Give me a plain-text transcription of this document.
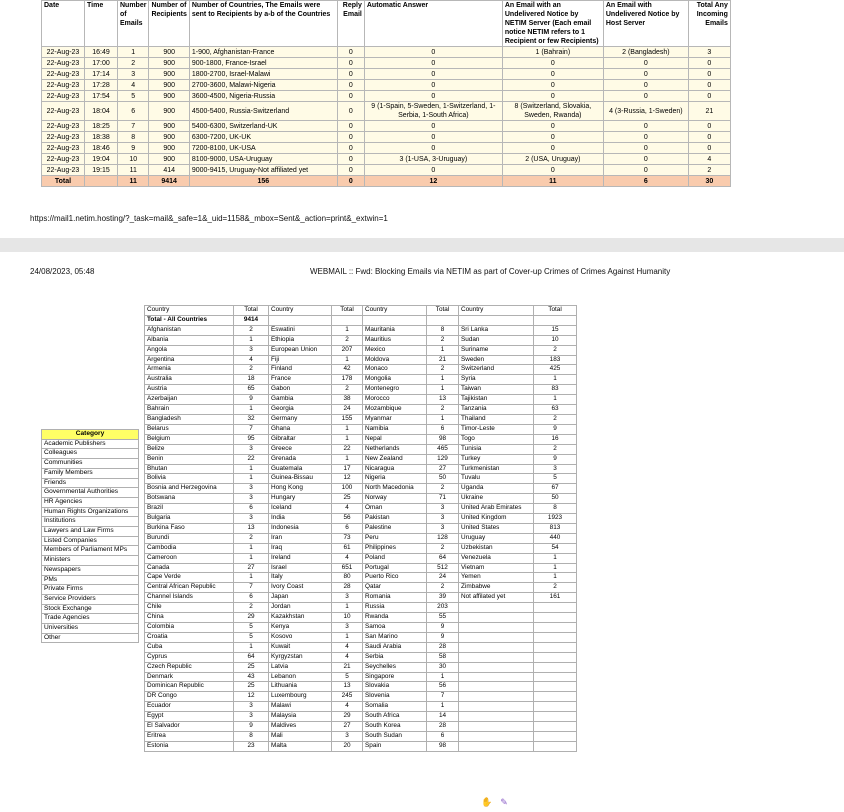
Date	Time	Number of Emails	Number of Recipients	Number of Countries, The Emails were sent to Recipients by a-b of the Countries	Reply Email	Automatic Answer	An Email with an Undelivered Notice by NETIM Server (Each email notice NETIM refers to 1 Recipient or few Recipients)	An Email with Undelivered Notice by Host Server	Total Any Incoming Emails
22-Aug-23	16:49	1	900	1-900, Afghanistan-France	0	0	1 (Bahrain)	2 (Bangladesh)	3
22-Aug-23	17:00	2	900	900-1800, France-Israel	0	0	0	0	0
22-Aug-23	17:14	3	900	1800-2700, Israel-Malawi	0	0	0	0	0
22-Aug-23	17:28	4	900	2700-3600, Malawi-Nigeria	0	0	0	0	0
22-Aug-23	17:54	5	900	3600-4500, Nigeria-Russia	0	0	0	0	0
22-Aug-23	18:04	6	900	4500-5400, Russia-Switzerland	0	9 (1-Spain, 5-Sweden, 1-Switzerland, 1-Serbia, 1-South Africa)	8 (Switzerland, Slovakia, Sweden, Rwanda)	4 (3-Russia, 1-Sweden)	21
22-Aug-23	18:25	7	900	5400-6300, Switzerland-UK	0	0	0	0	0
22-Aug-23	18:38	8	900	6300-7200, UK-UK	0	0	0	0	0
22-Aug-23	18:46	9	900	7200-8100, UK-USA	0	0	0	0	0
22-Aug-23	19:04	10	900	8100-9000, USA-Uruguay	0	3 (1-USA, 3-Uruguay)	2 (USA, Uruguay)	0	4
22-Aug-23	19:15	11	414	9000-9415, Uruguay-Not affiliated yet	0	0	0	0	2
Total		11	9414	156	0	12	11	6	30
https://mail1.netim.hosting/?_task=mail&_safe=1&_uid=1158&_mbox=Sent&_action=print&_extwin=1
24/08/2023, 05:48	WEBMAIL :: Fwd: Blocking Emails via NETIM as part of Cover-up Crimes of Crimes Against Humanity
Country	Total	Country	Total	Country	Total	Country	Total
Total - All Countries	9414						
Afghanistan	2	Eswatini	1	Mauritania	8	Sri Lanka	15
Albania	1	Ethiopia	2	Mauritius	2	Sudan	10
Angola	3	European Union	207	Mexico	1	Suriname	2
Argentina	4	Fiji	1	Moldova	21	Sweden	183
Armenia	2	Finland	42	Monaco	2	Switzerland	425
Australia	18	France	178	Mongolia	1	Syria	1
Austria	65	Gabon	2	Montenegro	1	Taiwan	83
Azerbaijan	9	Gambia	38	Morocco	13	Tajikistan	1
Bahrain	1	Georgia	24	Mozambique	2	Tanzania	63
Bangladesh	32	Germany	155	Myanmar	1	Thailand	2
Belarus	7	Ghana	1	Namibia	6	Timor-Leste	9
Belgium	95	Gibraltar	1	Nepal	98	Togo	16
Belize	3	Greece	22	Netherlands	465	Tunisia	2
Benin	22	Grenada	1	New Zealand	129	Turkey	9
Bhutan	1	Guatemala	17	Nicaragua	27	Turkmenistan	3
Bolivia	1	Guinea-Bissau	12	Nigeria	50	Tuvalu	5
Bosnia and Herzegovina	3	Hong Kong	100	North Macedonia	2	Uganda	67
Botswana	3	Hungary	25	Norway	71	Ukraine	50
Brazil	6	Iceland	4	Oman	3	United Arab Emirates	8
Bulgaria	3	India	56	Pakistan	3	United Kingdom	1923
Burkina Faso	13	Indonesia	6	Palestine	3	United States	813
Burundi	2	Iran	73	Peru	128	Uruguay	440
Cambodia	1	Iraq	61	Philippines	2	Uzbekistan	54
Cameroon	1	Ireland	4	Poland	64	Venezuela	1
Canada	27	Israel	651	Portugal	512	Vietnam	1
Cape Verde	1	Italy	80	Puerto Rico	24	Yemen	1
Central African Republic	7	Ivory Coast	28	Qatar	2	Zimbabwe	2
Channel Islands	6	Japan	3	Romania	39	Not affilated yet	161
Chile	2	Jordan	1	Russia	203		
China	29	Kazakhstan	10	Rwanda	55		
Colombia	5	Kenya	3	Samoa	9		
Croatia	5	Kosovo	1	San Marino	9		
Cuba	1	Kuwait	4	Saudi Arabia	28		
Cyprus	64	Kyrgyzstan	4	Serbia	58		
Czech Republic	25	Latvia	21	Seychelles	30		
Denmark	43	Lebanon	5	Singapore	1		
Dominican Republic	25	Lithuania	13	Slovakia	56		
DR Congo	12	Luxembourg	245	Slovenia	7		
Ecuador	3	Malawi	4	Somalia	1		
Egypt	3	Malaysia	29	South Africa	14		
El Salvador	9	Maldives	27	South Korea	28		
Eritrea	8	Mali	3	South Sudan	6		
Estonia	23	Malta	20	Spain	98		
Category
Academic Publishers
Colleagues
Communities
Family Members
Friends
Governmental Authorities
HR Agencies
Human Rights Organizations
Institutions
Lawyers and Law Firms
Listed Companies
Members of Parliament MPs
Ministers
Newspapers
PMs
Private Firms
Service Providers
Stock Exchange
Trade Agencies
Universities
Other
✋ ✎
